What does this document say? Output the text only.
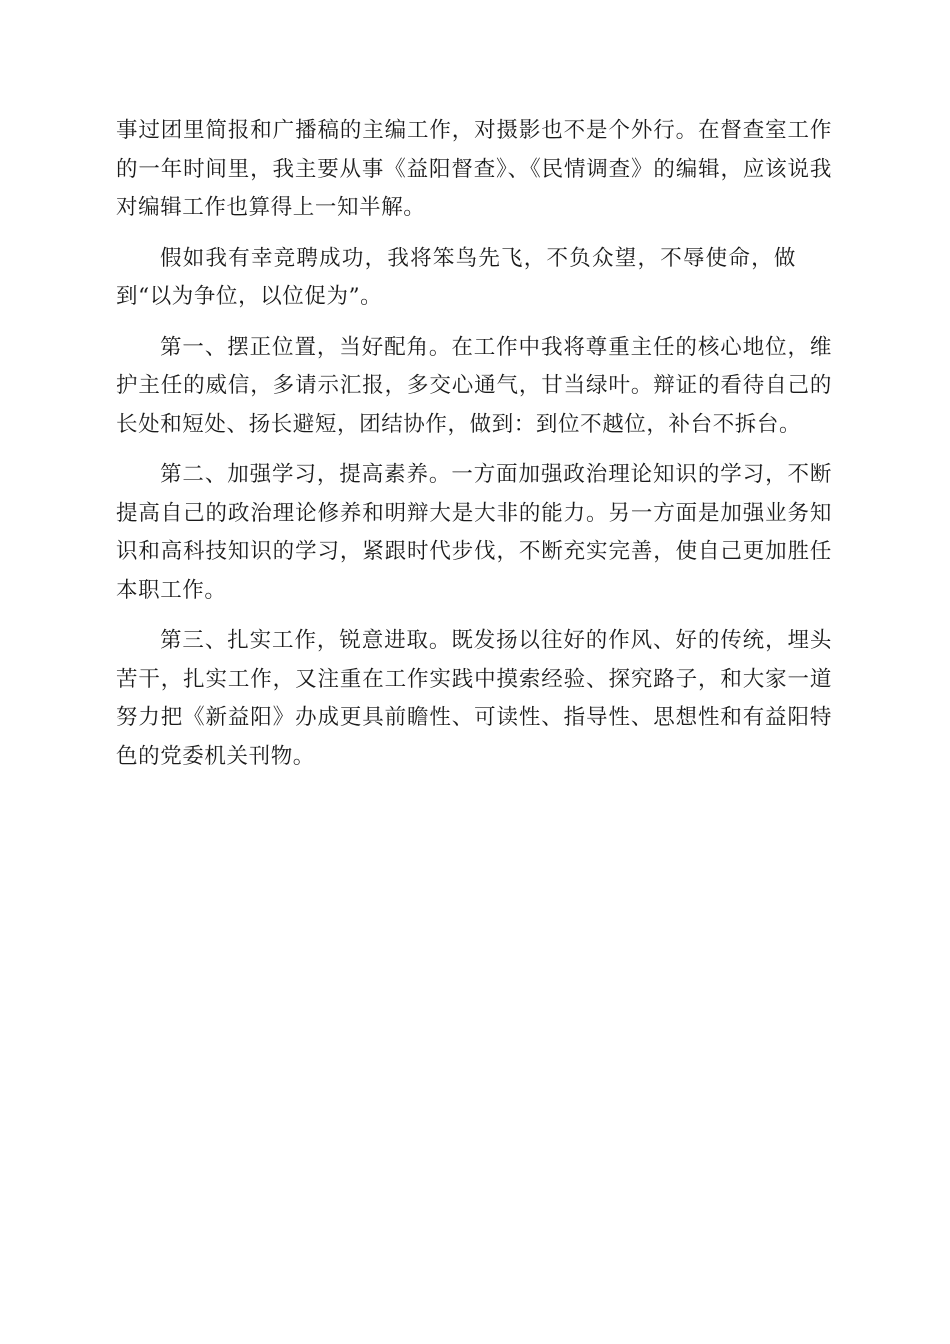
事过团里简报和广播稿的主编工作，对摄影也不是个外行。在督查室工作的一年时间里，我主要从事《益阳督查》、《民情调查》的编辑，应该说我对编辑工作也算得上一知半解。

假如我有幸竞聘成功，我将笨鸟先飞，不负众望，不辱使命，做到“以为争位，以位促为”。

第一、摆正位置，当好配角。在工作中我将尊重主任的核心地位，维护主任的威信，多请示汇报，多交心通气，甘当绿叶。辩证的看待自己的长处和短处、扬长避短，团结协作，做到：到位不越位，补台不拆台。

第二、加强学习，提高素养。一方面加强政治理论知识的学习，不断提高自己的政治理论修养和明辩大是大非的能力。另一方面是加强业务知识和高科技知识的学习，紧跟时代步伐，不断充实完善，使自己更加胜任本职工作。

第三、扎实工作，锐意进取。既发扬以往好的作风、好的传统，埋头苦干，扎实工作，又注重在工作实践中摸索经验、探究路子，和大家一道努力把《新益阳》办成更具前瞻性、可读性、指导性、思想性和有益阳特色的党委机关刊物。
